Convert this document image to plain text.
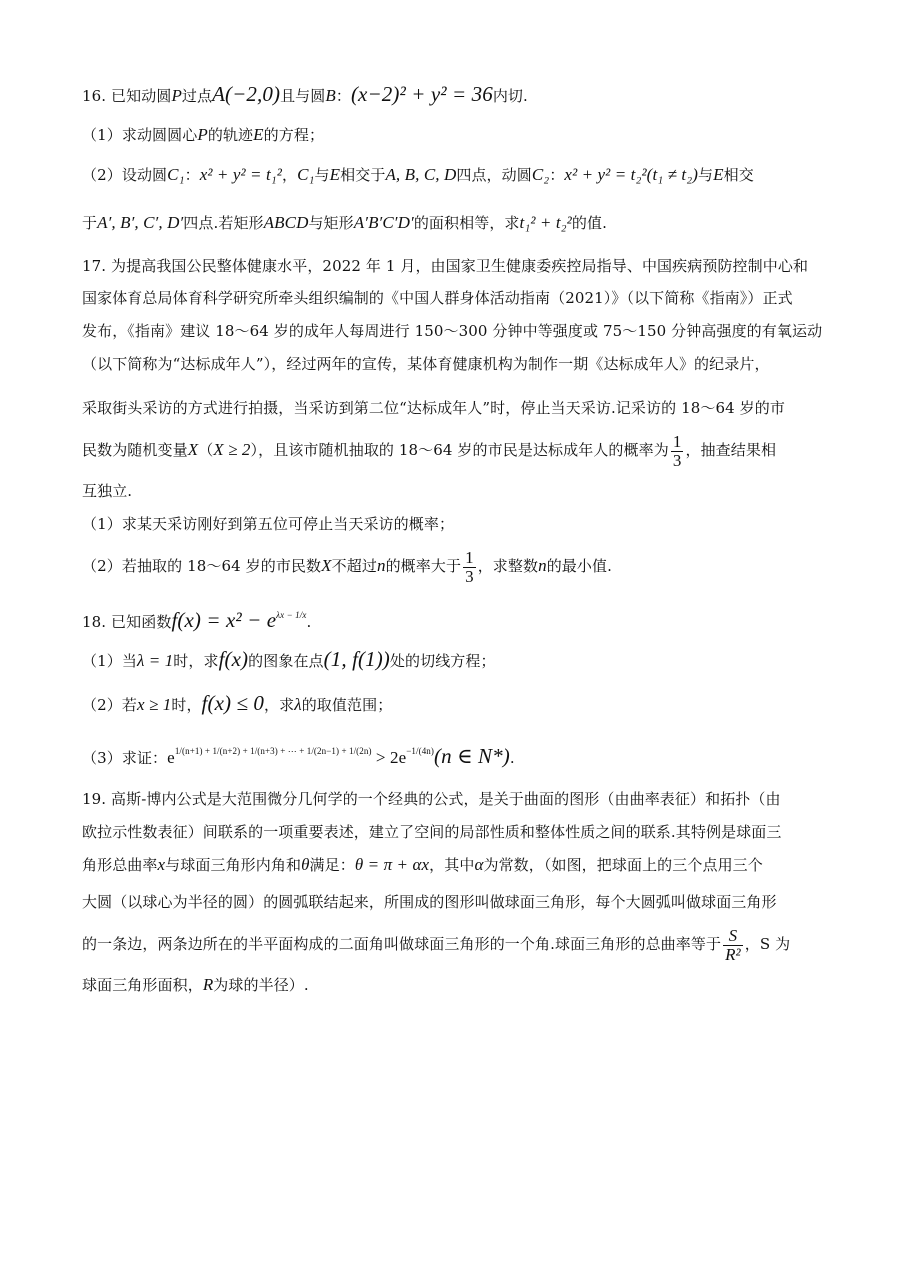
16. 已知动圆P过点A(−2,0)且与圆B：(x−2)² + y² = 36内切.
（1）求动圆圆心P的轨迹E的方程；
（2）设动圆C₁：x² + y² = t₁²，C₁与E相交于A, B, C, D四点，动圆C₂：x² + y² = t₂²(t₁ ≠ t₂)与E相交
于A′, B′, C′, D′四点.若矩形ABCD与矩形A′B′C′D′的面积相等，求t₁² + t₂²的值.
17. 为提高我国公民整体健康水平，2022 年 1 月，由国家卫生健康委疾控局指导、中国疾病预防控制中心和
国家体育总局体育科学研究所牵头组织编制的《中国人群身体活动指南（2021）》（以下简称《指南》）正式
发布，《指南》建议 18～64 岁的成年人每周进行 150～300 分钟中等强度或 75～150 分钟高强度的有氧运动
（以下简称为“达标成年人”），经过两年的宣传，某体育健康机构为制作一期《达标成年人》的纪录片，
采取街头采访的方式进行拍摄，当采访到第二位“达标成年人”时，停止当天采访.记采访的 18～64 岁的市
民数为随机变量X（X ≥ 2），且该市随机抽取的 18～64 岁的市民是达标成年人的概率为 $\frac{1}{3}$ ，抽查结果相
互独立.
（1）求某天采访刚好到第五位可停止当天采访的概率；
（2）若抽取的 18～64 岁的市民数X不超过n的概率大于 $\frac{1}{3}$ ，求整数n的最小值.
18. 已知函数$f(x) = x^2 - e^{\lambda x - 1/x}$.
（1）当λ = 1时，求f(x)的图象在点(1, f(1))处的切线方程；
（2）若x ≥ 1时，f(x) ≤ 0，求λ的取值范围；
（3）求证：$e^{1/(n+1) + 1/(n+2) + 1/(n+3) + \cdots + 1/(2n-1) + 1/(2n)} > 2e^{-1/(4n)}(n$ ∈ N*).
19. 高斯-博内公式是大范围微分几何学的一个经典的公式，是关于曲面的图形（由曲率表征）和拓扑（由
欧拉示性数表征）间联系的一项重要表述，建立了空间的局部性质和整体性质之间的联系.其特例是球面三
角形总曲率x与球面三角形内角和θ满足：θ = π + αx，其中α为常数，（如图，把球面上的三个点用三个
大圆（以球心为半径的圆）的圆弧联结起来，所围成的图形叫做球面三角形，每个大圆弧叫做球面三角形
的一条边，两条边所在的半平面构成的二面角叫做球面三角形的一个角.球面三角形的总曲率等于 $\frac{S}{\text{R²}}$ ，S 为
球面三角形面积，R为球的半径）.
